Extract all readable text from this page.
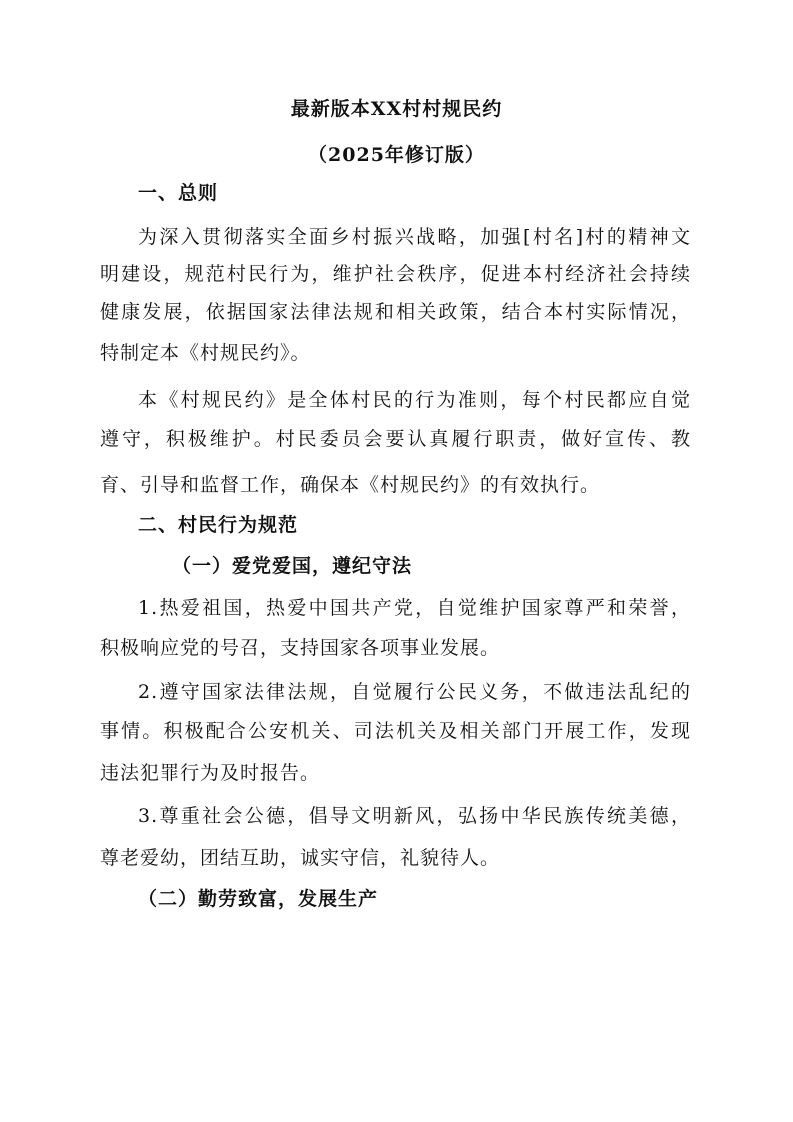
最新版本XX村村规民约
（2025年修订版）
一、总则
为深入贯彻落实全面乡村振兴战略，加强[村名]村的精神文
明建设，规范村民行为，维护社会秩序，促进本村经济社会持续
健康发展，依据国家法律法规和相关政策，结合本村实际情况，
特制定本《村规民约》。
本《村规民约》是全体村民的行为准则，每个村民都应自觉
遵守，积极维护。村民委员会要认真履行职责，做好宣传、教
育、引导和监督工作，确保本《村规民约》的有效执行。
二、村民行为规范
（一）爱党爱国，遵纪守法
1.热爱祖国，热爱中国共产党，自觉维护国家尊严和荣誉，
积极响应党的号召，支持国家各项事业发展。
2.遵守国家法律法规，自觉履行公民义务，不做违法乱纪的
事情。积极配合公安机关、司法机关及相关部门开展工作，发现
违法犯罪行为及时报告。
3.尊重社会公德，倡导文明新风，弘扬中华民族传统美德，
尊老爱幼，团结互助，诚实守信，礼貌待人。
（二）勤劳致富，发展生产
